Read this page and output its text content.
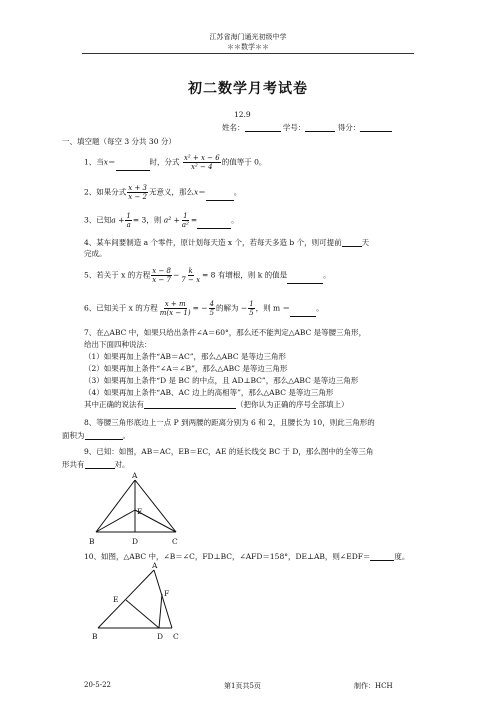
江苏省海门通光初级中学
＊＊数学＊＊
初二数学月考试卷
12.9
姓名：	学号：	得分：
一、填空题（每空 3 分共 30 分）
1、当x＝	时，分式 $\frac{\text{x² + x − 6}}{\text{x² − 4}}$ 的值等于 0。
2、如果分式 $\frac{x + 3}{x - 2}$ 无意义，那么x＝	。
3、已知$a + \frac{1}{a} = 3$，则 $a^2 + \frac{1}{\text{a²}}$ =	。
4、某车间要制造 a 个零件，原计划每天造 x 个，若每天多造 b 个，则可提前	天
完成。
5、若关于 x 的方程 $\frac{x - 8}{x - 7} - \frac{k}{7 - x} = 8$ 有增根，则 k 的值是	。
6、已知关于 x 的方程 $\frac{x + m}{m(x - 1)}$ = − $\frac{4}{5}$ 的解为 − $\frac{1}{5}$ ，则 m ＝	。
7、在△ABC 中，如果只给出条件∠A＝60°，那么还不能判定△ABC 是等腰三角形，
给出下面四种说法：
（1）如果再加上条件“AB＝AC”，那么△ABC 是等边三角形
（2）如果再加上条件“∠A＝∠B”，那么△ABC 是等边三角形
（3）如果再加上条件“D 是 BC 的中点，且 AD⊥BC”，那么△ABC 是等边三角形
（4）如果再加上条件“AB、AC 边上的高相等”，那么△ABC 是等边三角形
其中正确的说法有	（把你认为正确的序号全部填上）
8、等腰三角形底边上一点 P 到两腰的距离分别为 6 和 2，且腰长为 10，则此三角形的
面积为	。
9、已知：如图，AB＝AC，EB＝EC，AE 的延长线交 BC 于 D，那么图中的全等三角
形共有	对。
A
E
B	D	C
10、如图，△ABC 中，∠B＝∠C，FD⊥BC，∠AFD＝158°，DE⊥AB，则∠EDF＝	度。
A
E
F
B	D C
20-5-22	第1页共5页	制作：HCH
